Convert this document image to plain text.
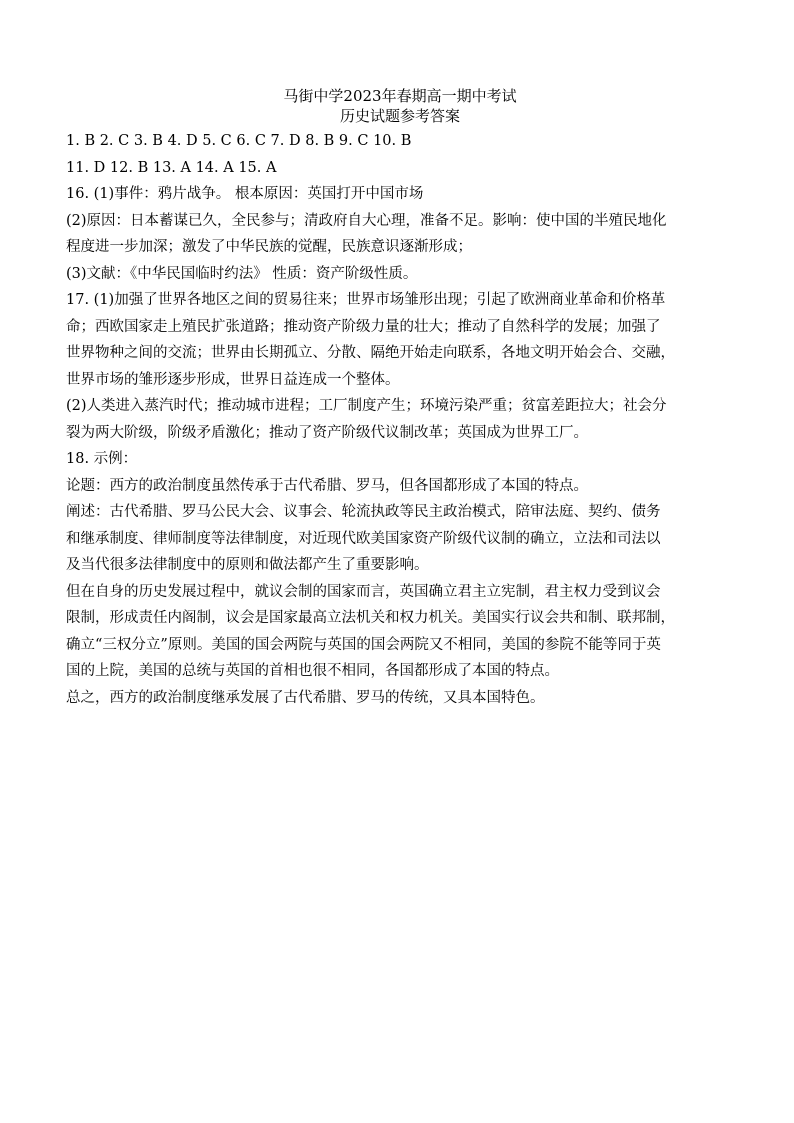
马街中学2023年春期高一期中考试

历史试题参考答案

1. B 2. C 3. B 4. D 5. C 6. C 7. D 8. B 9. C 10. B

11. D 12. B 13. A 14. A 15. A

16. (1)事件：鸦片战争。 根本原因：英国打开中国市场

(2)原因：日本蓄谋已久，全民参与；清政府自大心理，准备不足。影响：使中国的半殖民地化

程度进一步加深；激发了中华民族的觉醒，民族意识逐渐形成；

(3)文献：《中华民国临时约法》 性质：资产阶级性质。

17. (1)加强了世界各地区之间的贸易往来；世界市场雏形出现；引起了欧洲商业革命和价格革

命；西欧国家走上殖民扩张道路；推动资产阶级力量的壮大；推动了自然科学的发展；加强了

世界物种之间的交流；世界由长期孤立、分散、隔绝开始走向联系，各地文明开始会合、交融，

世界市场的雏形逐步形成，世界日益连成一个整体。

(2)人类进入蒸汽时代；推动城市进程；工厂制度产生；环境污染严重；贫富差距拉大；社会分

裂为两大阶级，阶级矛盾激化；推动了资产阶级代议制改革；英国成为世界工厂。

18. 示例：

论题：西方的政治制度虽然传承于古代希腊、罗马，但各国都形成了本国的特点。

阐述：古代希腊、罗马公民大会、议事会、轮流执政等民主政治模式，陪审法庭、契约、债务

和继承制度、律师制度等法律制度，对近现代欧美国家资产阶级代议制的确立，立法和司法以

及当代很多法律制度中的原则和做法都产生了重要影响。

但在自身的历史发展过程中，就议会制的国家而言，英国确立君主立宪制，君主权力受到议会

限制，形成责任内阁制，议会是国家最高立法机关和权力机关。美国实行议会共和制、联邦制，

确立“三权分立”原则。美国的国会两院与英国的国会两院又不相同，美国的参院不能等同于英

国的上院，美国的总统与英国的首相也很不相同，各国都形成了本国的特点。

总之，西方的政治制度继承发展了古代希腊、罗马的传统，又具本国特色。
